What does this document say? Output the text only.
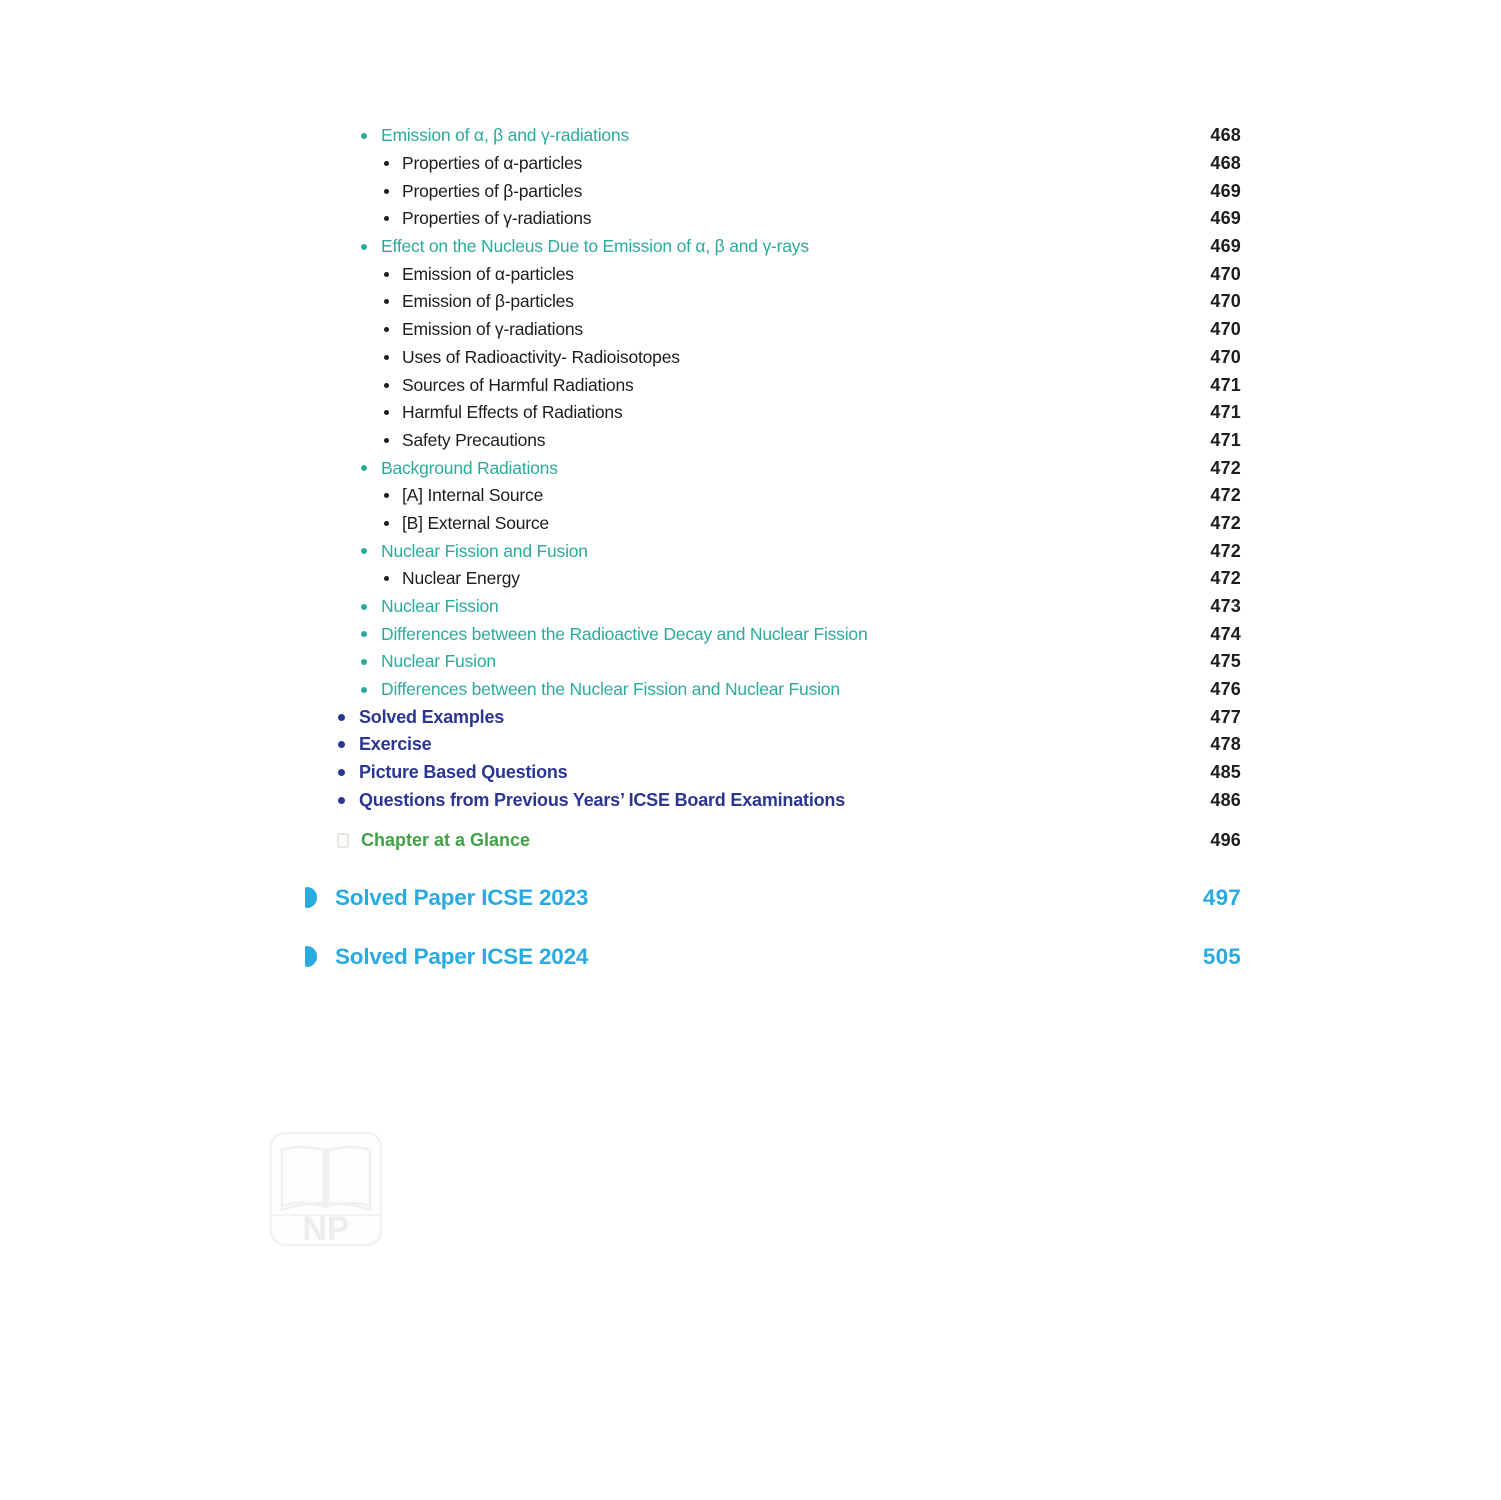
Emission of α, β and γ-radiations	468
Properties of α-particles	468
Properties of β-particles	469
Properties of γ-radiations	469
Effect on the Nucleus Due to Emission of α, β and γ-rays	469
Emission of α-particles	470
Emission of β-particles	470
Emission of γ-radiations	470
Uses of Radioactivity- Radioisotopes	470
Sources of Harmful Radiations	471
Harmful Effects of Radiations	471
Safety Precautions	471
Background Radiations	472
[A] Internal Source	472
[B] External Source	472
Nuclear Fission and Fusion	472
Nuclear Energy	472
Nuclear Fission	473
Differences between the Radioactive Decay and Nuclear Fission	474
Nuclear Fusion	475
Differences between the Nuclear Fission and Nuclear Fusion	476
Solved Examples	477
Exercise	478
Picture Based Questions	485
Questions from Previous Years’ ICSE Board Examinations	486
Chapter at a Glance	496
Solved Paper ICSE 2023	497
Solved Paper ICSE 2024	505
NP
